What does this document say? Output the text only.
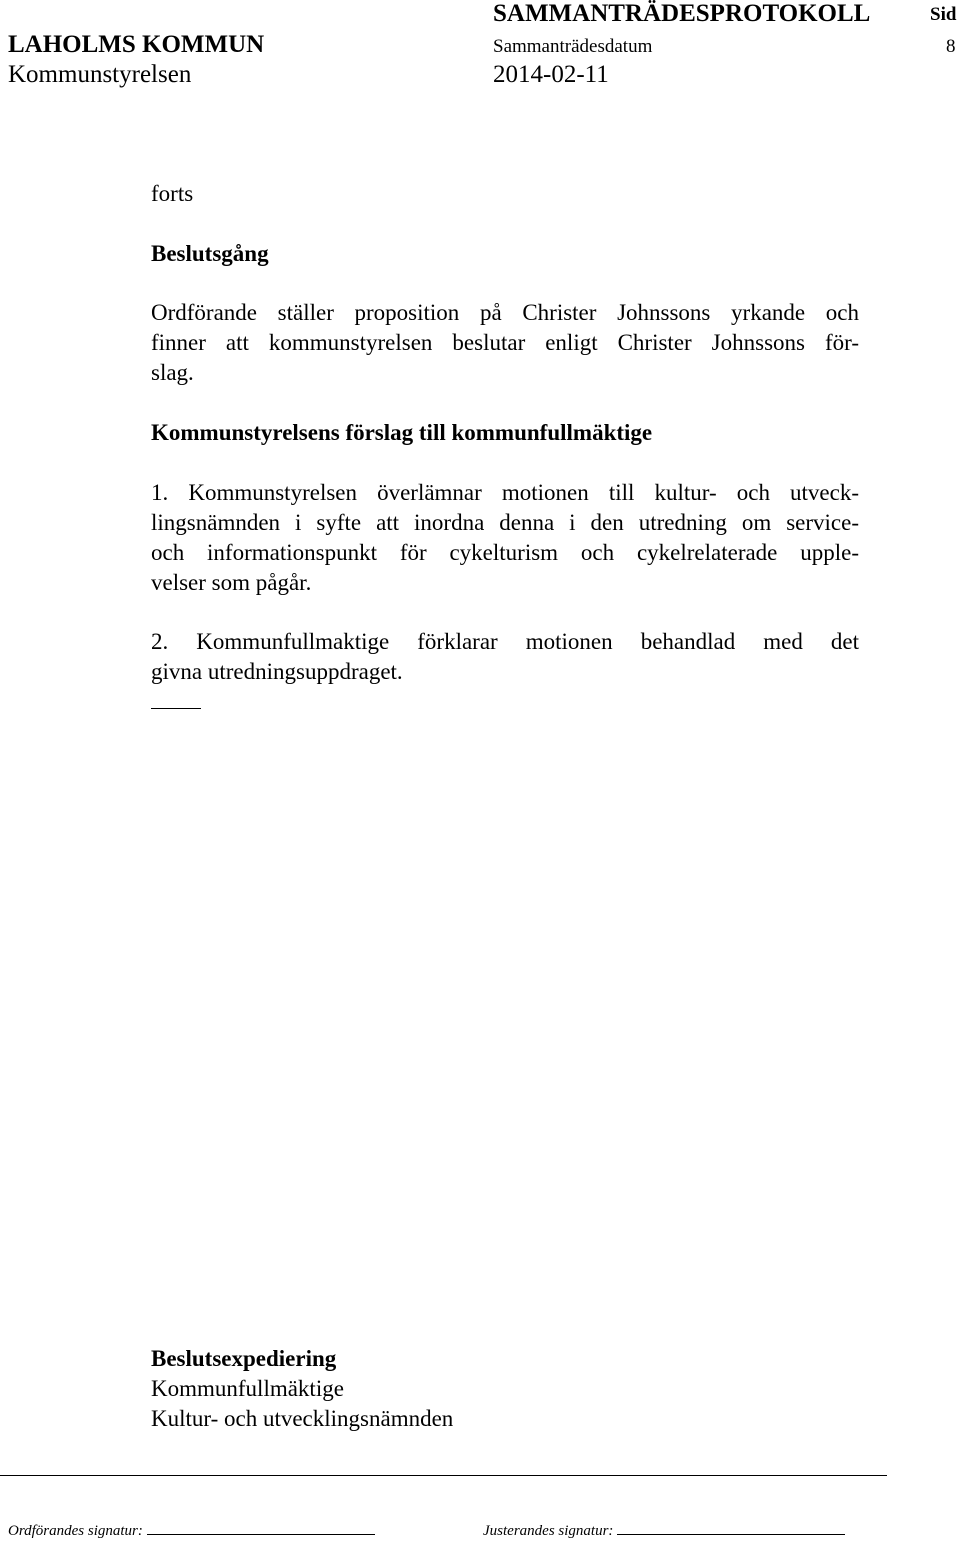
SAMMANTRÄDESPROTOKOLL	Sid
LAHOLMS KOMMUN	Sammanträdesdatum	8
Kommunstyrelsen	2014-02-11
forts
Beslutsgång
Ordförande ställer proposition på Christer Johnssons yrkande och
finner att kommunstyrelsen beslutar enligt Christer Johnssons för-
slag.
Kommunstyrelsens förslag till kommunfullmäktige
1. Kommunstyrelsen överlämnar motionen till kultur- och utveck-
lingsnämnden i syfte att inordna denna i den utredning om service-
och informationspunkt för cykelturism och cykelrelaterade upple-
velser som pågår.
2. Kommunfullmaktige förklarar motionen behandlad med det
givna utredningsuppdraget.
Beslutsexpediering
Kommunfullmäktige
Kultur- och utvecklingsnämnden
Ordförandes signatur:	Justerandes signatur:
